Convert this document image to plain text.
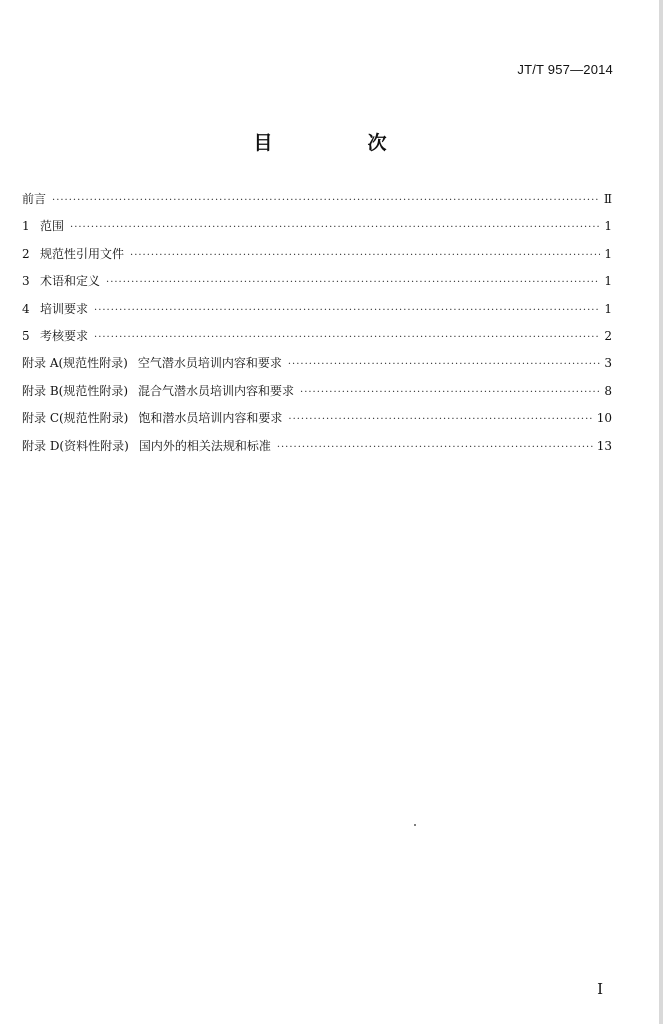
JT/T 957—2014
目　次
前言 ·····	Ⅱ
1 范围 ·····	1
2 规范性引用文件 ·····	1
3 术语和定义 ·····	1
4 培训要求 ·····	1
5 考核要求 ·····	2
附录 A(规范性附录) 空气潜水员培训内容和要求 ·····	3
附录 B(规范性附录) 混合气潜水员培训内容和要求 ·····	8
附录 C(规范性附录) 饱和潜水员培训内容和要求 ·····	10
附录 D(资料性附录) 国内外的相关法规和标准 ·····	13
I
